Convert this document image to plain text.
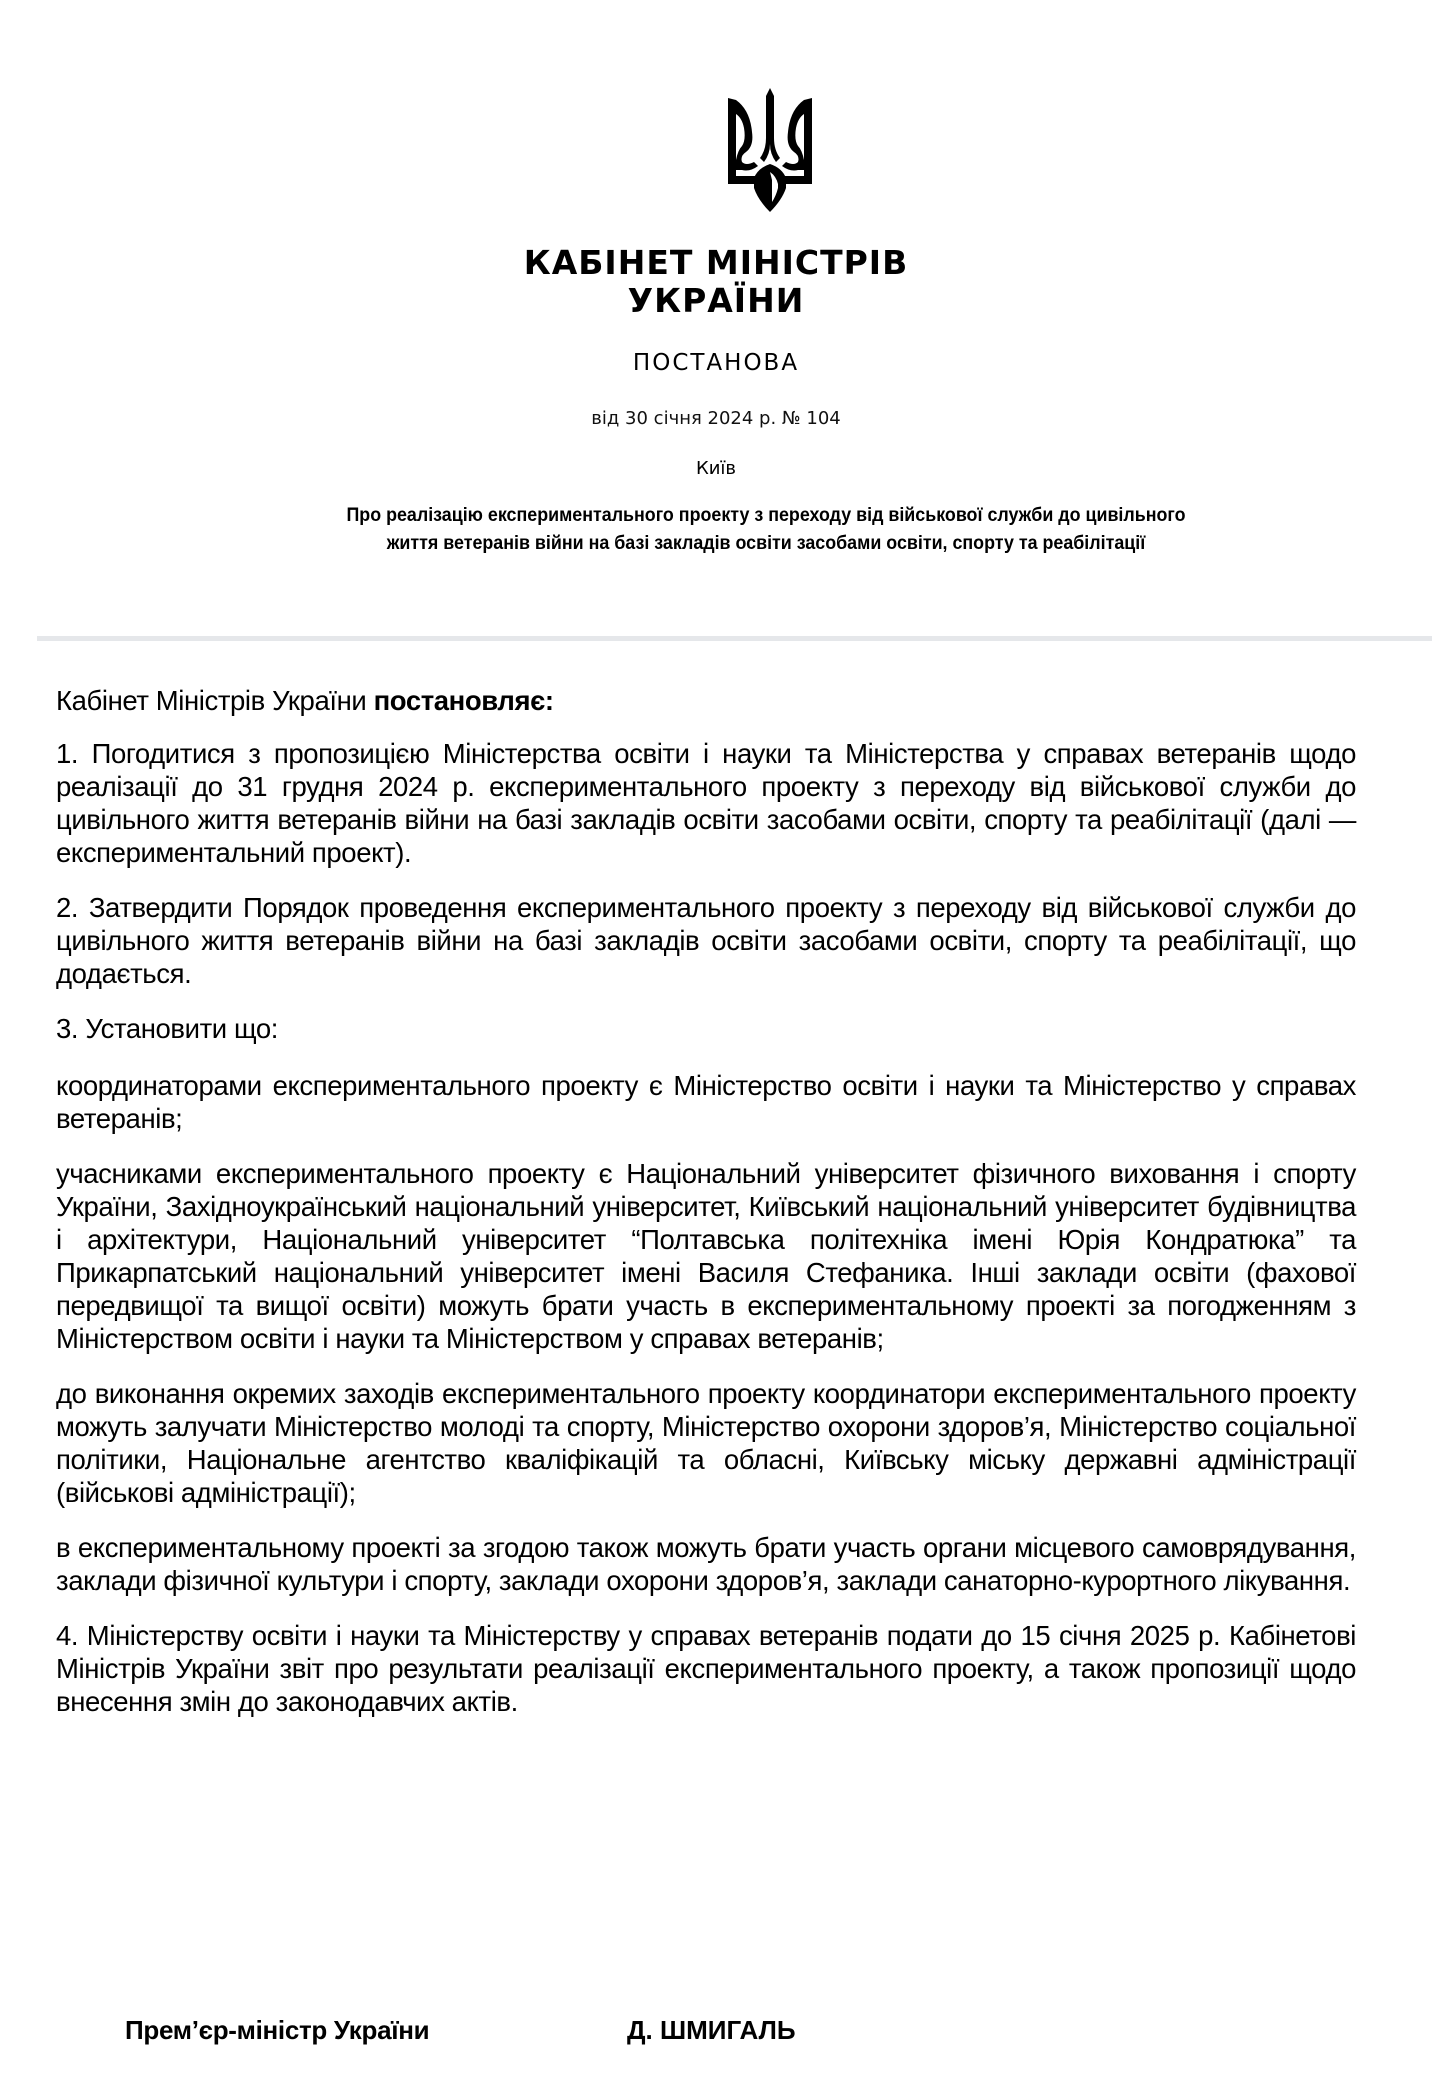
КАБІНЕТ МІНІСТРІВ
УКРАЇНИ
ПОСТАНОВА
від 30 січня 2024 р. № 104
Київ
Про реалізацію експериментального проекту з переходу від військової служби до цивільного життя ветеранів війни на базі закладів освіти засобами освіти, спорту та реабілітації

Кабінет Міністрів України постановляє:

1. Погодитися з пропозицією Міністерства освіти і науки та Міністерства у справах ветеранів щодо реалізації до 31 грудня 2024 р. експериментального проекту з переходу від військової служби до цивільного життя ветеранів війни на базі закладів освіти засобами освіти, спорту та реабілітації (далі — експериментальний проект).

2. Затвердити Порядок проведення експериментального проекту з переходу від військової служби до цивільного життя ветеранів війни на базі закладів освіти засобами освіти, спорту та реабілітації, що додається.

3. Установити що:

координаторами експериментального проекту є Міністерство освіти і науки та Міністерство у справах ветеранів;

учасниками експериментального проекту є Національний університет фізичного виховання і спорту України, Західноукраїнський національний університет, Київський національний університет будівництва і архітектури, Національний університет “Полтавська політехніка імені Юрія Кондратюка” та Прикарпатський національний університет імені Василя Стефаника. Інші заклади освіти (фахової передвищої та вищої освіти) можуть брати участь в експериментальному проекті за погодженням з Міністерством освіти і науки та Міністерством у справах ветеранів;

до виконання окремих заходів експериментального проекту координатори експериментального проекту можуть залучати Міністерство молоді та спорту, Міністерство охорони здоров’я, Міністерство соціальної політики, Національне агентство кваліфікацій та обласні, Київську міську державні адміністрації (військові адміністрації);

в експериментальному проекті за згодою також можуть брати участь органи місцевого самоврядування, заклади фізичної культури і спорту, заклади охорони здоров’я, заклади санаторно-курортного лікування.

4. Міністерству освіти і науки та Міністерству у справах ветеранів подати до 15 січня 2025 р. Кабінетові Міністрів України звіт про результати реалізації експериментального проекту, а також пропозиції щодо внесення змін до законодавчих актів.

Прем’єр-міністр України	Д. ШМИГАЛЬ
